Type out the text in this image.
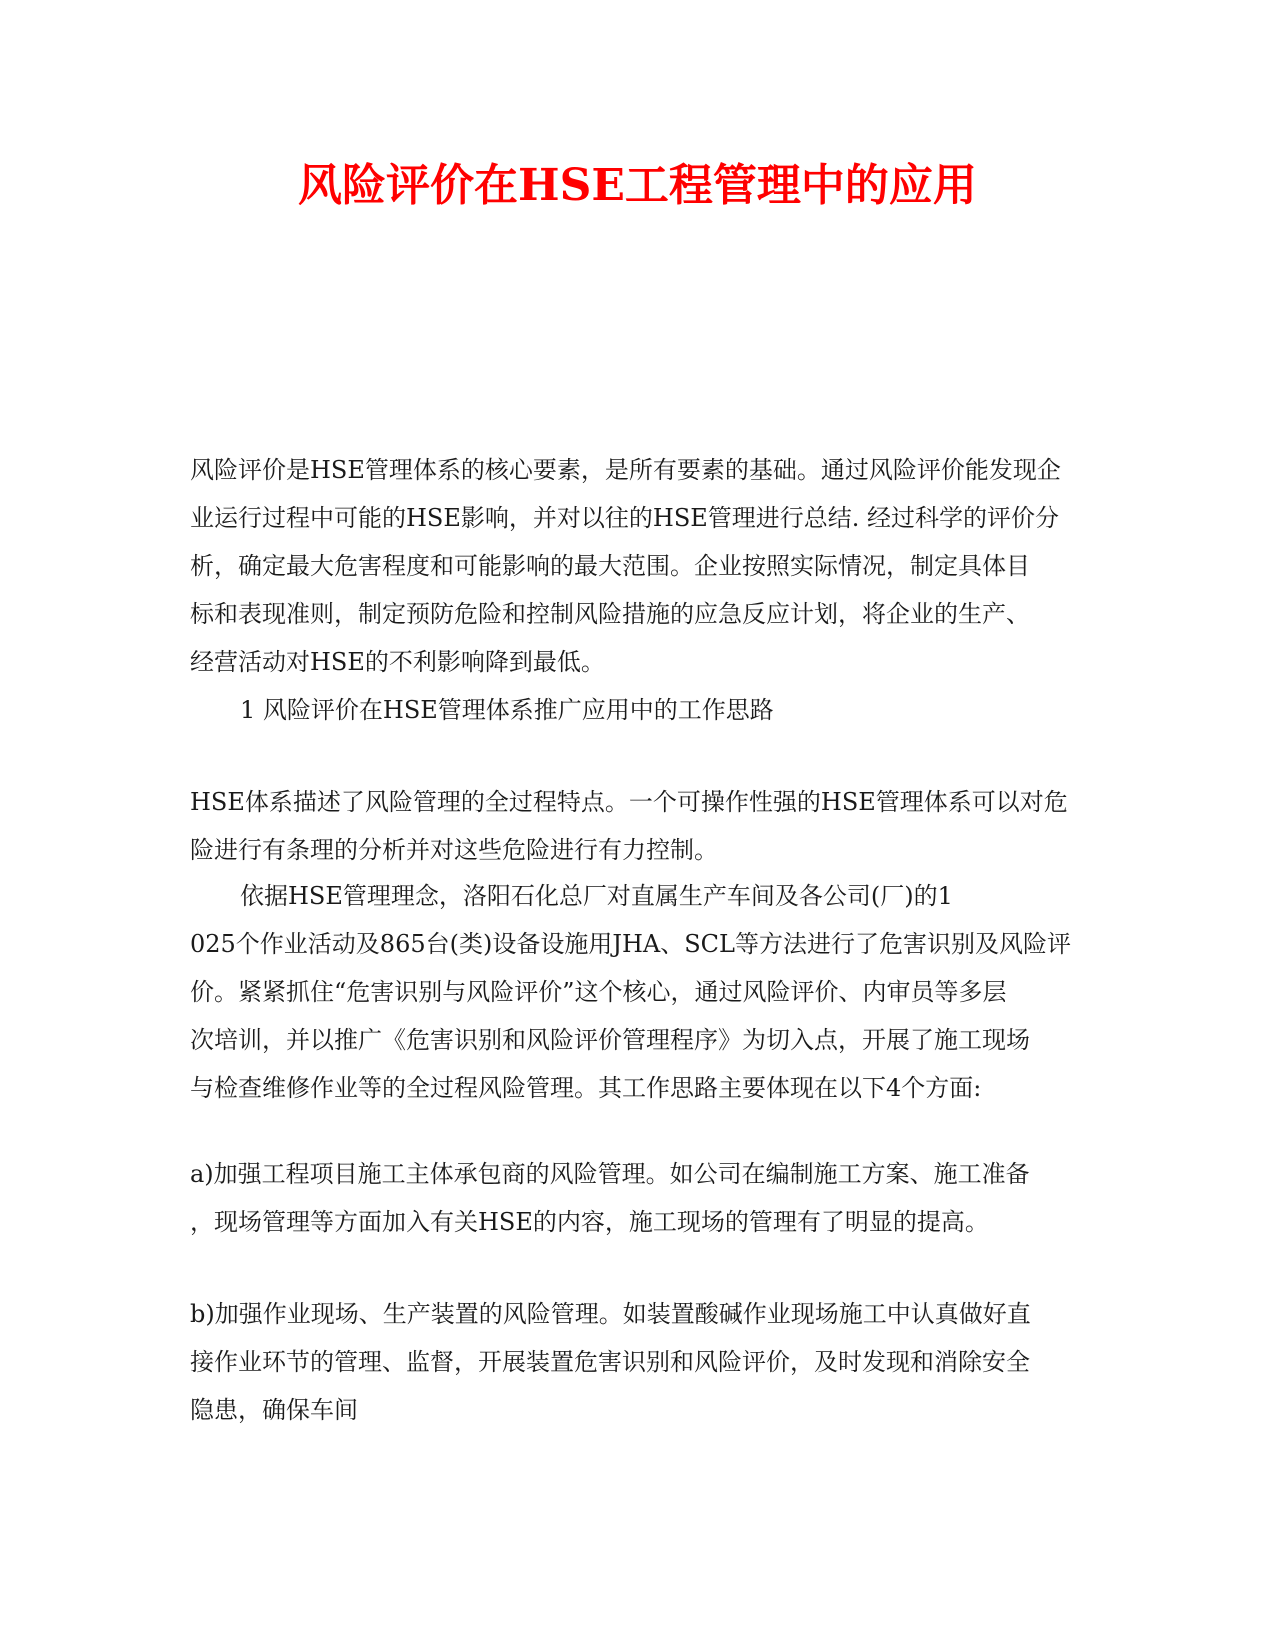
风险评价在HSE工程管理中的应用
风险评价是HSE管理体系的核心要素，是所有要素的基础。通过风险评价能发现企
业运行过程中可能的HSE影响，并对以往的HSE管理进行总结. 经过科学的评价分
析，确定最大危害程度和可能影响的最大范围。企业按照实际情况，制定具体目
标和表现准则，制定预防危险和控制风险措施的应急反应计划，将企业的生产、
经营活动对HSE的不利影响降到最低。
1 风险评价在HSE管理体系推广应用中的工作思路
HSE体系描述了风险管理的全过程特点。一个可操作性强的HSE管理体系可以对危
险进行有条理的分析并对这些危险进行有力控制。
依据HSE管理理念，洛阳石化总厂对直属生产车间及各公司(厂)的1
025个作业活动及865台(类)设备设施用JHA、SCL等方法进行了危害识别及风险评
价。紧紧抓住“危害识别与风险评价”这个核心，通过风险评价、内审员等多层
次培训，并以推广《危害识别和风险评价管理程序》为切入点，开展了施工现场
与检查维修作业等的全过程风险管理。其工作思路主要体现在以下4个方面:
a)加强工程项目施工主体承包商的风险管理。如公司在编制施工方案、施工准备
，现场管理等方面加入有关HSE的内容，施工现场的管理有了明显的提高。
b)加强作业现场、生产装置的风险管理。如装置酸碱作业现场施工中认真做好直
接作业环节的管理、监督，开展装置危害识别和风险评价，及时发现和消除安全
隐患，确保车间
